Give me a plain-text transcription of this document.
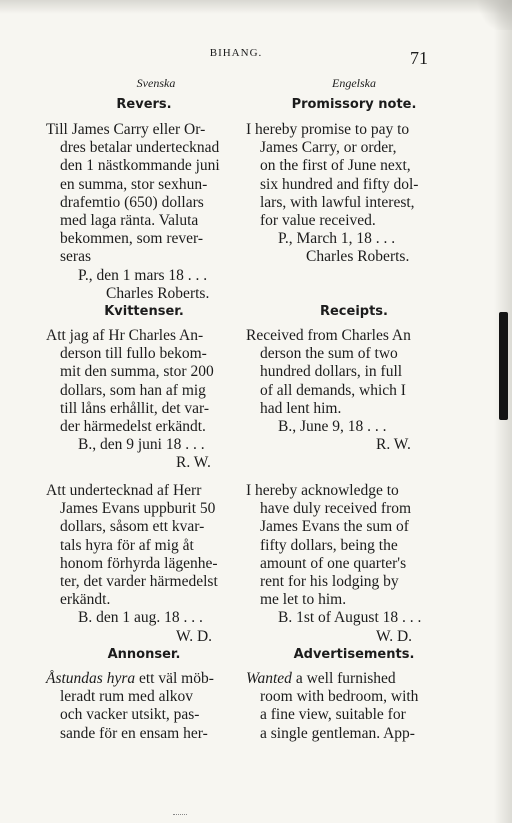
BIHANG.	71
Svenska	Engelska
Revers.	Promissory note.
Till James Carry eller Or-
dres betalar undertecknad
den 1 nästkommande juni
en summa, stor sexhun-
drafemtio (650) dollars
med laga ränta. Valuta
bekommen, som rever-
seras
P., den 1 mars 18 . . .
Charles Roberts.
I hereby promise to pay to
James Carry, or order,
on the first of June next,
six hundred and fifty dol-
lars, with lawful interest,
for value received.
P., March 1, 18 . . .
Charles Roberts.
Kvittenser.	Receipts.
Att jag af Hr Charles An-
derson till fullo bekom-
mit den summa, stor 200
dollars, som han af mig
till låns erhållit, det var-
der härmedelst erkändt.
B., den 9 juni 18 . . .
R. W.
Received from Charles An
derson the sum of two
hundred dollars, in full
of all demands, which I
had lent him.
B., June 9, 18 . . .
R. W.
Att undertecknad af Herr
James Evans uppburit 50
dollars, såsom ett kvar-
tals hyra för af mig åt
honom förhyrda lägenhe-
ter, det varder härmedelst
erkändt.
B. den 1 aug. 18 . . .
W. D.
I hereby acknowledge to
have duly received from
James Evans the sum of
fifty dollars, being the
amount of one quarter's
rent for his lodging by
me let to him.
B. 1st of August 18 . . .
W. D.
Annonser.	Advertisements.
Åstundas hyra ett väl möb-
leradt rum med alkov
och vacker utsikt, pas-
sande för en ensam her-
Wanted a well furnished
room with bedroom, with
a fine view, suitable for
a single gentleman. App-
